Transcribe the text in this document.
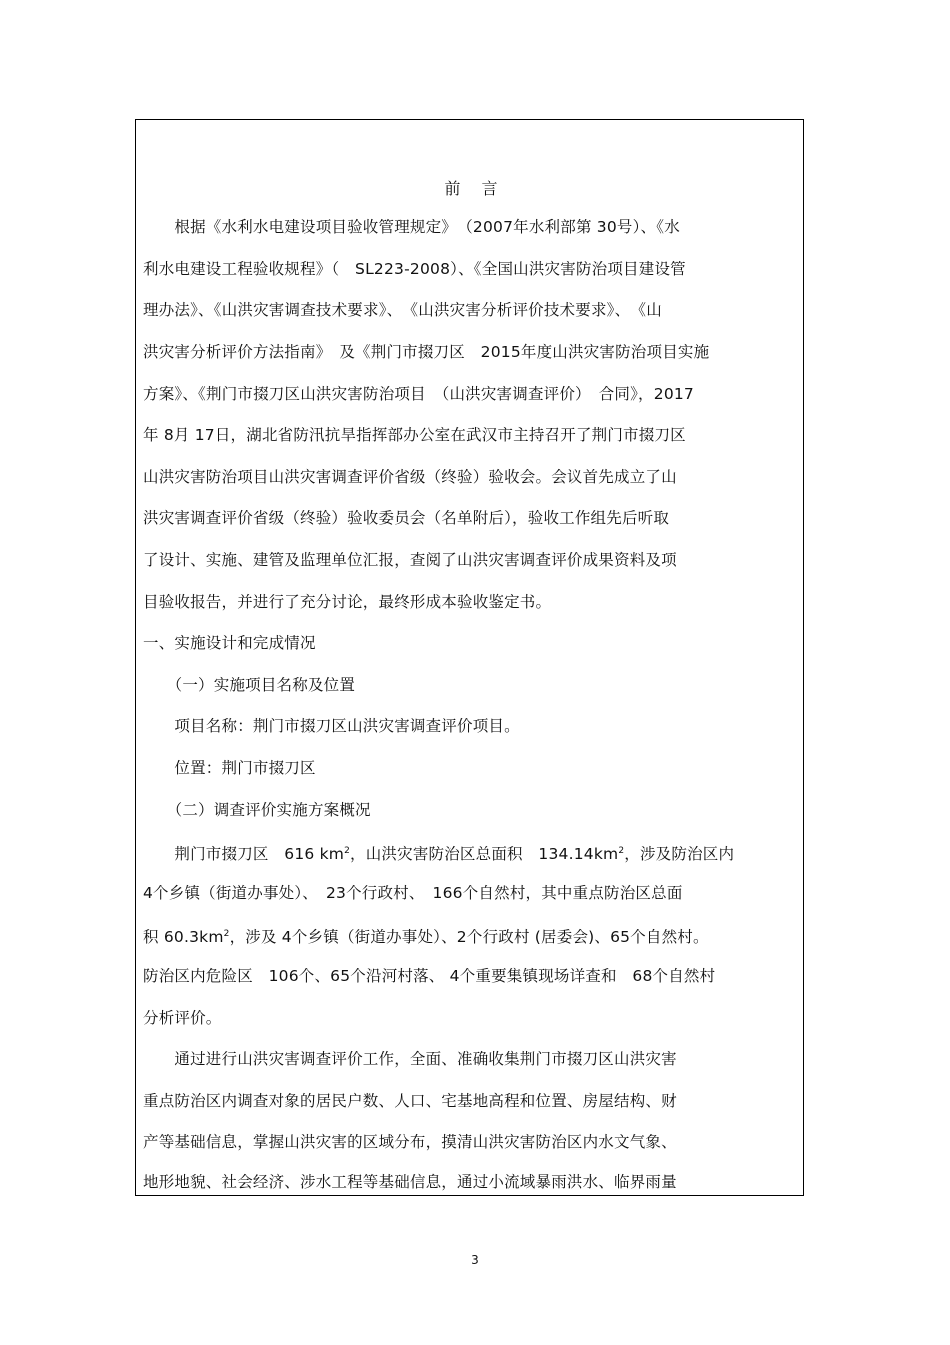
前 言
　　根据《水利水电建设项目验收管理规定》　（2007年水利部第 30号）、《水
利水电建设工程验收规程》（　SL223-2008）、《全国山洪灾害防治项目建设管
理办法》、《山洪灾害调查技术要求》、　《山洪灾害分析评价技术要求》、　《山
洪灾害分析评价方法指南》　及《荆门市掇刀区　2015年度山洪灾害防治项目实施
方案》、《荆门市掇刀区山洪灾害防治项目　（山洪灾害调查评价）　合同》，2017
年 8月 17日，湖北省防汛抗旱指挥部办公室在武汉市主持召开了荆门市掇刀区
山洪灾害防治项目山洪灾害调查评价省级（终验）验收会。会议首先成立了山
洪灾害调查评价省级（终验）验收委员会（名单附后），验收工作组先后听取
了设计、实施、建管及监理单位汇报，查阅了山洪灾害调查评价成果资料及项
目验收报告，并进行了充分讨论，最终形成本验收鉴定书。
一、实施设计和完成情况
　　（一）实施项目名称及位置
　　项目名称：荆门市掇刀区山洪灾害调查评价项目。
　　位置：荆门市掇刀区
　　（二）调查评价实施方案概况
　　荆门市掇刀区　616 $km^2$，山洪灾害防治区总面积　$134.14km^2$，涉及防治区内
4个乡镇（街道办事处）、　23个行政村、　166个自然村，其中重点防治区总面
积 $60.3km^2$，涉及 4个乡镇（街道办事处）、2个行政村 (居委会)、65个自然村。
防治区内危险区　106个、65个沿河村落、 4个重要集镇现场详查和　68个自然村
分析评价。
　　通过进行山洪灾害调查评价工作，全面、准确收集荆门市掇刀区山洪灾害
重点防治区内调查对象的居民户数、人口、宅基地高程和位置、房屋结构、财
产等基础信息，掌握山洪灾害的区域分布，摸清山洪灾害防治区内水文气象、
地形地貌、社会经济、涉水工程等基础信息，通过小流域暴雨洪水、临界雨量
3
